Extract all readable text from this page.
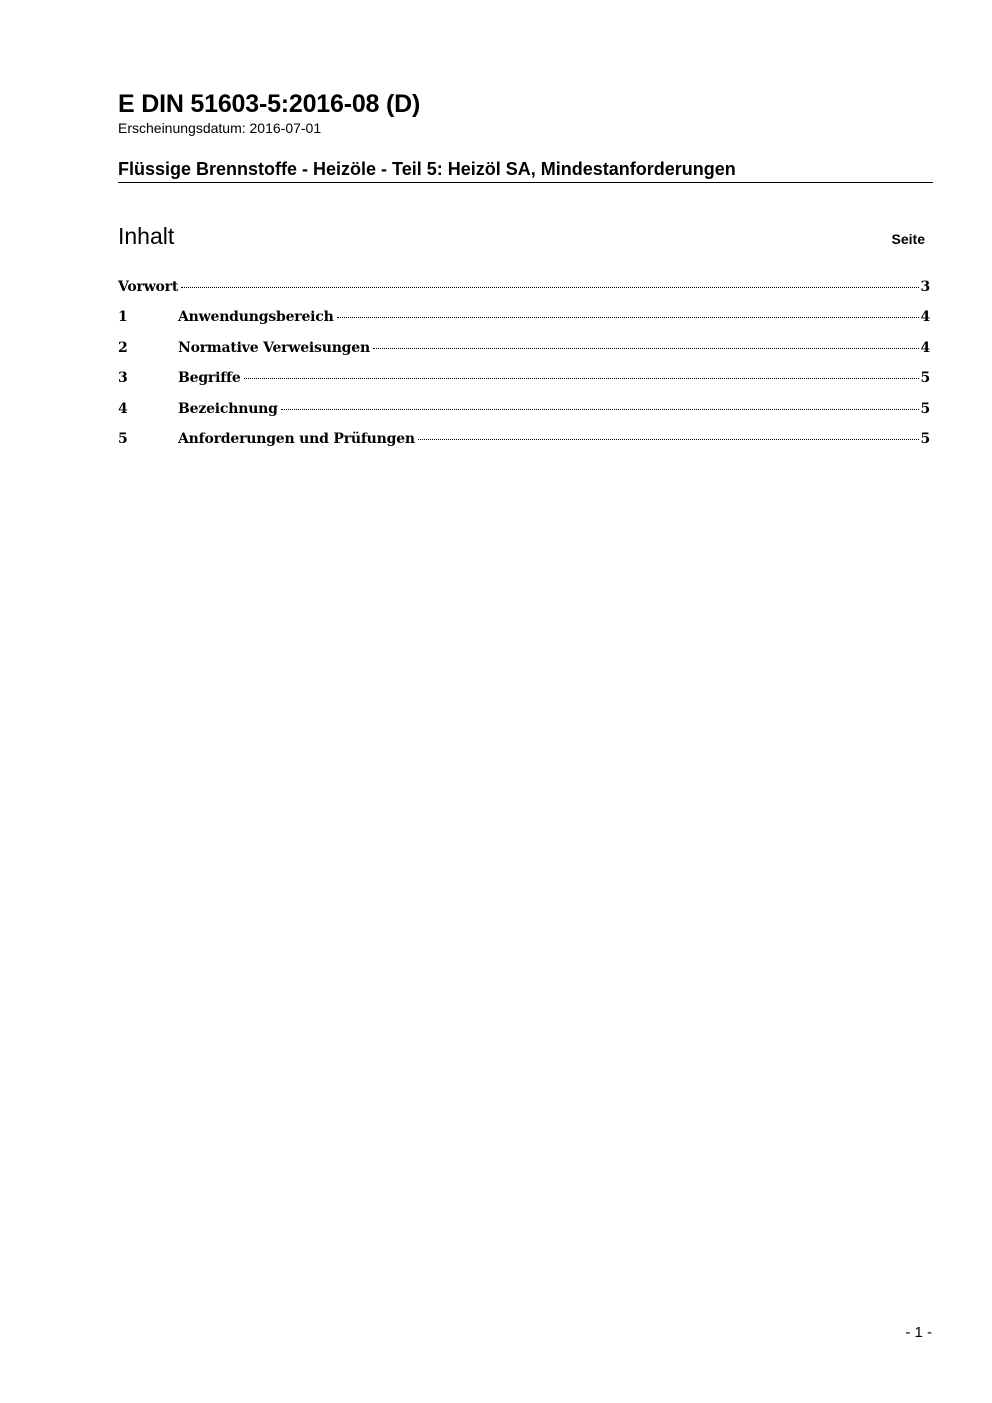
E DIN 51603-5:2016-08 (D)
Erscheinungsdatum: 2016-07-01
Flüssige Brennstoffe - Heizöle - Teil 5: Heizöl SA, Mindestanforderungen
Inhalt	Seite
Vorwort	3
1	Anwendungsbereich	4
2	Normative Verweisungen	4
3	Begriffe	5
4	Bezeichnung	5
5	Anforderungen und Prüfungen	5
- 1 -
